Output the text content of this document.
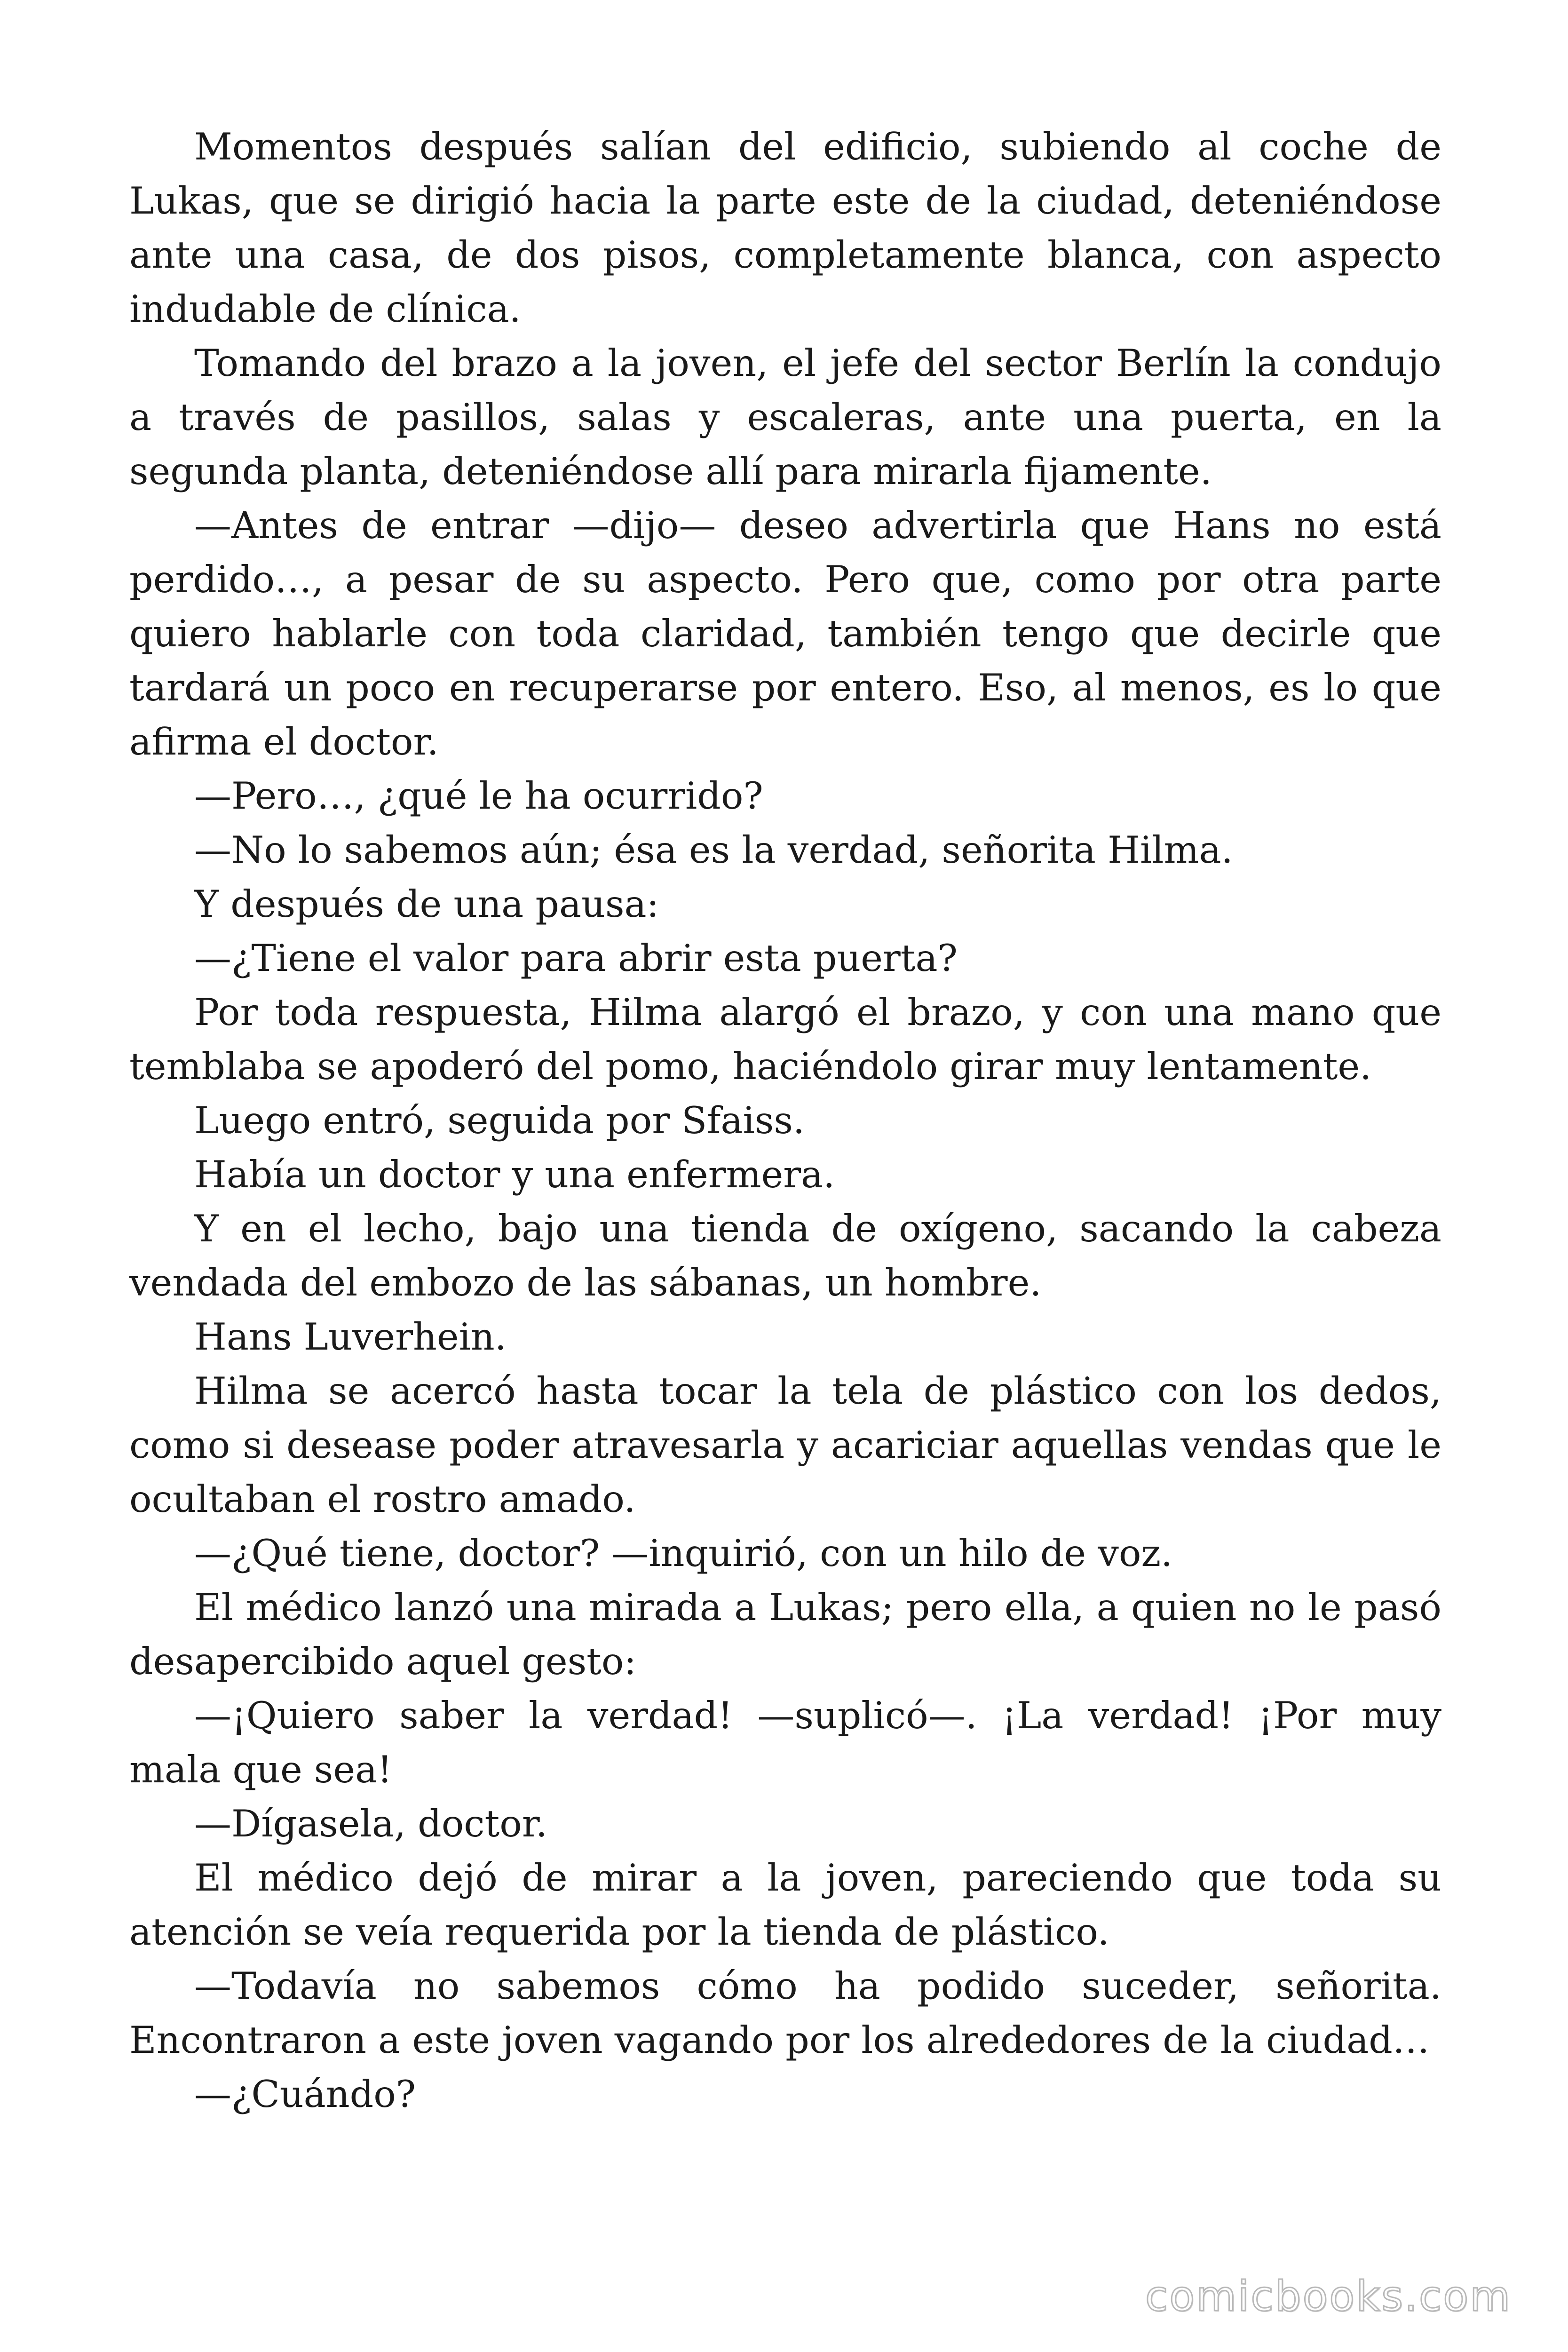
Momentos después salían del edificio, subiendo al coche de Lukas, que se dirigió hacia la parte este de la ciudad, deteniéndose ante una casa, de dos pisos, completamente blanca, con aspecto indudable de clínica.

Tomando del brazo a la joven, el jefe del sector Berlín la condujo a través de pasillos, salas y escaleras, ante una puerta, en la segunda planta, deteniéndose allí para mirarla fijamente.

—Antes de entrar —dijo— deseo advertirla que Hans no está perdido…, a pesar de su aspecto. Pero que, como por otra parte quiero hablarle con toda claridad, también tengo que decirle que tardará un poco en recuperarse por entero. Eso, al menos, es lo que afirma el doctor.

—Pero…, ¿qué le ha ocurrido?

—No lo sabemos aún; ésa es la verdad, señorita Hilma.

Y después de una pausa:

—¿Tiene el valor para abrir esta puerta?

Por toda respuesta, Hilma alargó el brazo, y con una mano que temblaba se apoderó del pomo, haciéndolo girar muy lentamente.

Luego entró, seguida por Sfaiss.

Había un doctor y una enfermera.

Y en el lecho, bajo una tienda de oxígeno, sacando la cabeza vendada del embozo de las sábanas, un hombre.

Hans Luverhein.

Hilma se acercó hasta tocar la tela de plástico con los dedos, como si desease poder atravesarla y acariciar aquellas vendas que le ocultaban el rostro amado.

—¿Qué tiene, doctor? —inquirió, con un hilo de voz.

El médico lanzó una mirada a Lukas; pero ella, a quien no le pasó desapercibido aquel gesto:

—¡Quiero saber la verdad! —suplicó—. ¡La verdad! ¡Por muy mala que sea!

—Dígasela, doctor.

El médico dejó de mirar a la joven, pareciendo que toda su atención se veía requerida por la tienda de plástico.

—Todavía no sabemos cómo ha podido suceder, señorita. Encontraron a este joven vagando por los alrededores de la ciudad…

—¿Cuándo?

comicbooks.com
